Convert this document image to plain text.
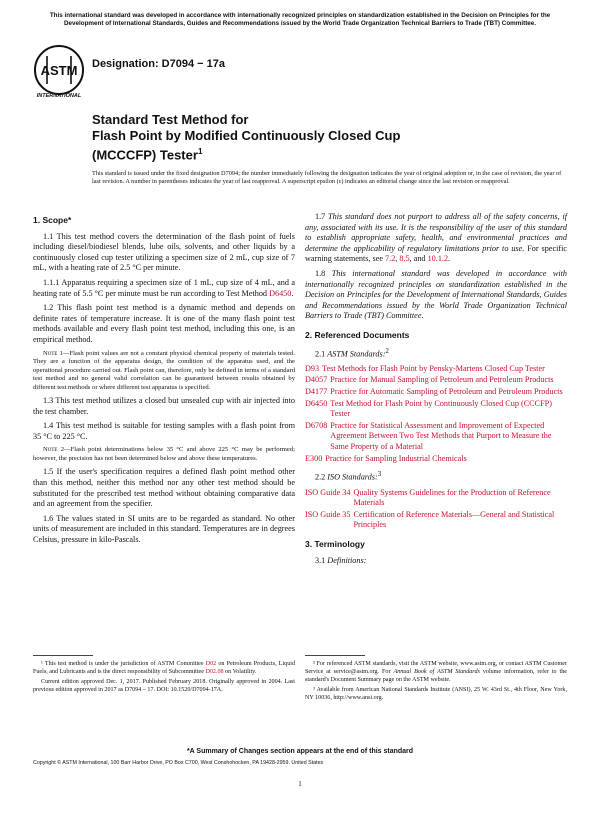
This international standard was developed in accordance with internationally recognized principles on standardization established in the Decision on Principles for the Development of International Standards, Guides and Recommendations issued by the World Trade Organization Technical Barriers to Trade (TBT) Committee.
ASTM
INTERNATIONAL
Designation: D7094 − 17a
Standard Test Method for
Flash Point by Modified Continuously Closed Cup
(MCCCFP) Tester$^1$
This standard is issued under the fixed designation D7094; the number immediately following the designation indicates the year of original adoption or, in the case of revision, the year of last revision. A number in parentheses indicates the year of last reapproval. A superscript epsilon (ε) indicates an editorial change since the last revision or reapproval.
1. Scope*

1.1 This test method covers the determination of the flash point of fuels including diesel/biodiesel blends, lube oils, solvents, and other liquids by a continuously closed cup tester utilizing a specimen size of 2 mL, cup size of 7 mL, with a heating rate of 2.5 °C per minute.

1.1.1 Apparatus requiring a specimen size of 1 mL, cup size of 4 mL, and a heating rate of 5.5 °C per minute must be run according to Test Method D6450.

1.2 This flash point test method is a dynamic method and depends on definite rates of temperature increase. It is one of the many flash point test methods available and every flash point test method, including this one, is an empirical method.

Note 1—Flash point values are not a constant physical chemical property of materials tested. They are a function of the apparatus design, the condition of the apparatus used, and the operational procedure carried out. Flash point can, therefore, only be defined in terms of a standard test method and no general valid correlation can be guaranteed between results obtained by different test methods or where different test apparatus is specified.

1.3 This test method utilizes a closed but unsealed cup with air injected into the test chamber.

1.4 This test method is suitable for testing samples with a flash point from 35 °C to 225 °C.

Note 2—Flash point determinations below 35 °C and above 225 °C may be performed; however, the precision has not been determined below and above these temperatures.

1.5 If the user's specification requires a defined flash point method other than this method, neither this method nor any other test method should be substituted for the prescribed test method without obtaining comparative data and an agreement from the specifier.

1.6 The values stated in SI units are to be regarded as standard. No other units of measurement are included in this standard. Temperatures are in degrees Celsius, pressure in kilo-Pascals.

1.7 This standard does not purport to address all of the safety concerns, if any, associated with its use. It is the responsibility of the user of this standard to establish appropriate safety, health, and environmental practices and determine the applicability of regulatory limitations prior to use. For specific warning statements, see 7.2, 8.5, and 10.1.2.

1.8 This international standard was developed in accordance with internationally recognized principles on standardization established in the Decision on Principles for the Development of International Standards, Guides and Recommendations issued by the World Trade Organization Technical Barriers to Trade (TBT) Committee.

2. Referenced Documents

2.1 ASTM Standards:$^2$

D93 Test Methods for Flash Point by Pensky-Martens Closed Cup Tester
D4057 Practice for Manual Sampling of Petroleum and Petroleum Products
D4177 Practice for Automatic Sampling of Petroleum and Petroleum Products
D6450 Test Method for Flash Point by Continuously Closed Cup (CCCFP) Tester
D6708 Practice for Statistical Assessment and Improvement of Expected Agreement Between Two Test Methods that Purport to Measure the Same Property of a Material
E300 Practice for Sampling Industrial Chemicals

2.2 ISO Standards:$^3$

ISO Guide 34 Quality Systems Guidelines for the Production of Reference Materials
ISO Guide 35 Certification of Reference Materials—General and Statistical Principles
3. Terminology

3.1 Definitions:

¹ This test method is under the jurisdiction of ASTM Committee D02 on Petroleum Products, Liquid Fuels, and Lubricants and is the direct responsibility of Subcommittee D02.08 on Volatility.

Current edition approved Dec. 1, 2017. Published February 2018. Originally approved in 2004. Last previous edition approved in 2017 as D7094 – 17. DOI: 10.1520/D7094-17A.

² For referenced ASTM standards, visit the ASTM website, www.astm.org, or contact ASTM Customer Service at service@astm.org. For Annual Book of ASTM Standards volume information, refer to the standard's Document Summary page on the ASTM website.

³ Available from American National Standards Institute (ANSI), 25 W. 43rd St., 4th Floor, New York, NY 10036, http://www.ansi.org.

*A Summary of Changes section appears at the end of this standard
Copyright © ASTM International, 100 Barr Harbor Drive, PO Box C700, West Conshohocken, PA 19428-2959. United States
1
